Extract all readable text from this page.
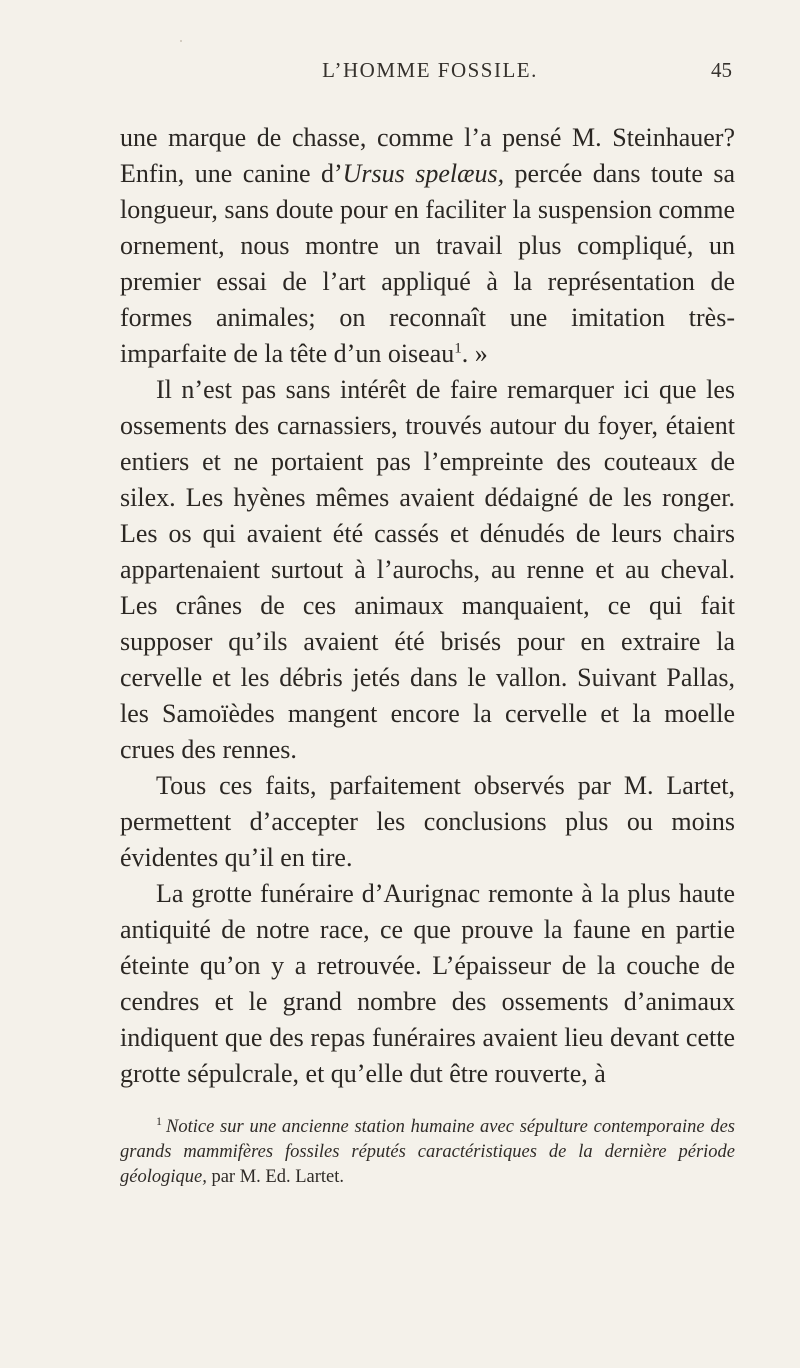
L’HOMME FOSSILE.	45

une marque de chasse, comme l’a pensé M. Steinhauer? Enfin, une canine d’Ursus spelæus, percée dans toute sa longueur, sans doute pour en faciliter la suspension comme ornement, nous montre un travail plus compliqué, un premier essai de l’art appliqué à la représentation de formes animales; on reconnaît une imitation très-imparfaite de la tête d’un oiseau$^1$. »

Il n’est pas sans intérêt de faire remarquer ici que les ossements des carnassiers, trouvés autour du foyer, étaient entiers et ne portaient pas l’empreinte des couteaux de silex. Les hyènes mêmes avaient dédaigné de les ronger. Les os qui avaient été cassés et dénudés de leurs chairs appartenaient surtout à l’aurochs, au renne et au cheval. Les crânes de ces animaux manquaient, ce qui fait supposer qu’ils avaient été brisés pour en extraire la cervelle et les débris jetés dans le vallon. Suivant Pallas, les Samoïèdes mangent encore la cervelle et la moelle crues des rennes.

Tous ces faits, parfaitement observés par M. Lartet, permettent d’accepter les conclusions plus ou moins évidentes qu’il en tire.

La grotte funéraire d’Aurignac remonte à la plus haute antiquité de notre race, ce que prouve la faune en partie éteinte qu’on y a retrouvée. L’épaisseur de la couche de cendres et le grand nombre des ossements d’animaux indiquent que des repas funéraires avaient lieu devant cette grotte sépulcrale, et qu’elle dut être rouverte, à

$^1$ Notice sur une ancienne station humaine avec sépulture contemporaine des grands mammifères fossiles réputés caractéristiques de la dernière période géologique, par M. Ed. Lartet.
